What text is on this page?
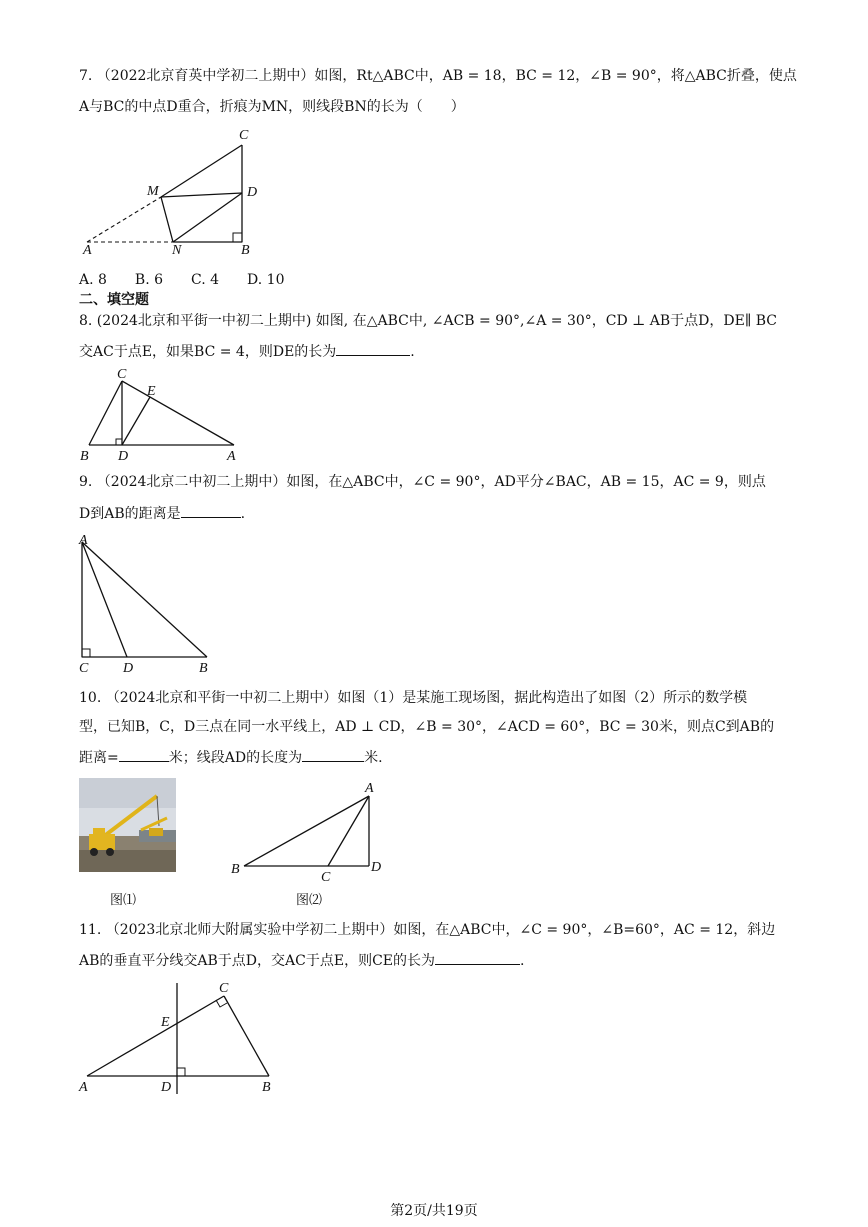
7. （2022北京育英中学初二上期中）如图，Rt△ABC中，AB = 18，BC = 12，∠B = 90°，将△ABC折叠，使点
A与BC的中点D重合，折痕为MN，则线段BN的长为（　　）
C
M	D
A	N	B
A. 8　　B. 6　　C. 4　　D. 10
二、填空题
8. (2024北京和平街一中初二上期中) 如图, 在△ABC中, ∠ACB = 90°,∠A = 30°，CD ⊥ AB于点D，DE∥ BC
交AC于点E，如果BC = 4，则DE的长为	.
C
E
B D	A
9. （2024北京二中初二上期中）如图，在△ABC中，∠C = 90°，AD平分∠BAC，AB = 15，AC = 9，则点
D到AB的距离是	.
A
C D	B
10. （2024北京和平街一中初二上期中）如图（1）是某施工现场图，据此构造出了如图（2）所示的数学模
型，已知B，C，D三点在同一水平线上，AD ⊥ CD，∠B = 30°，∠ACD = 60°，BC = 30米，则点C到AB的
距离=	米；线段AD的长度为	米.
图⑴
A
B
C
D
图⑵
11. （2023北京北师大附属实验中学初二上期中）如图，在△ABC中，∠C = 90°，∠B=60°，AC = 12，斜边
AB的垂直平分线交AB于点D，交AC于点E，则CE的长为	.
C
E
A	D	B
第2页/共19页
